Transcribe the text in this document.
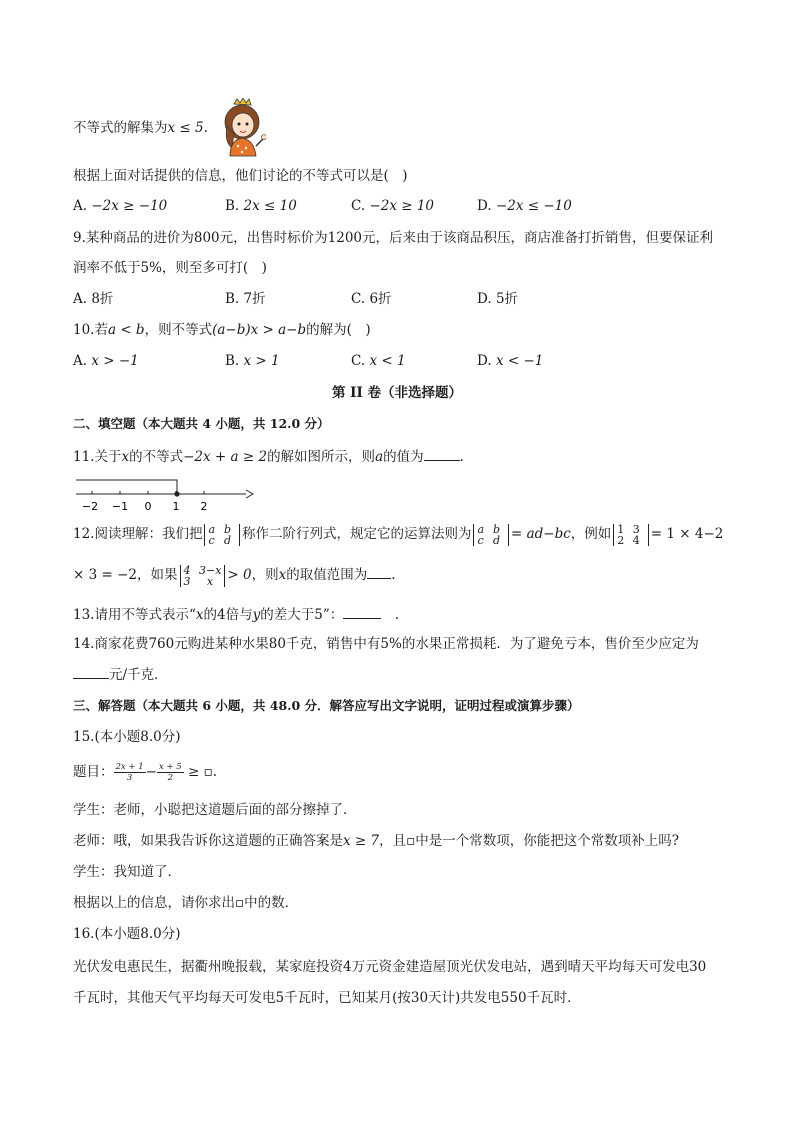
不等式的解集为x ≤ 5.
根据上面对话提供的信息，他们讨论的不等式可以是(　)
A. −2x ≥ −10	B. 2x ≤ 10	C. −2x ≥ 10	D. −2x ≤ −10
9.某种商品的进价为800元，出售时标价为1200元，后来由于该商品积压，商店准备打折销售，但要保证利
润率不低于5%，则至多可打(　)
A. 8折	B. 7折	C. 6折	D. 5折
10.若a < b，则不等式(a−b)x > a−b的解为(　)
A. x > −1	B. x > 1	C. x < 1	D. x < −1
第 II 卷（非选择题）
二、填空题（本大题共 4 小题，共 12.0 分）
11.关于x的不等式−2x + a ≥ 2的解如图所示，则a的值为	.
−2 −1 0 1 2
12.阅读理解：我们把 a b
c d 称作二阶行列式，规定它的运算法则为 a b
c d = ad−bc，例如 1 3
2 4 = 1 × 4−2
× 3 = −2，如果 4 3−x
3 x	> 0，则x的取值范围为 .
13.请用不等式表示“x的4倍与y的差大于5”：　	.
14.商家花费760元购进某种水果80千克，销售中有5%的水果正常损耗．为了避免亏本，售价至少应定为
元/千克．
三、解答题（本大题共 6 小题，共 48.0 分．解答应写出文字说明，证明过程或演算步骤）
15.(本小题8.0分)
题目： $\frac{2x + 1}{3} - \frac{x + 5}{2}$ ≥ ▫.
学生：老师，小聪把这道题后面的部分擦掉了．
老师：哦，如果我告诉你这道题的正确答案是x ≥ 7，且▫中是一个常数项，你能把这个常数项补上吗?
学生：我知道了．
根据以上的信息，请你求出▫中的数．
16.(本小题8.0分)
光伏发电惠民生，据衢州晚报载，某家庭投资4万元资金建造屋顶光伏发电站，遇到晴天平均每天可发电30
千瓦时，其他天气平均每天可发电5千瓦时，已知某月(按30天计)共发电550千瓦时．
